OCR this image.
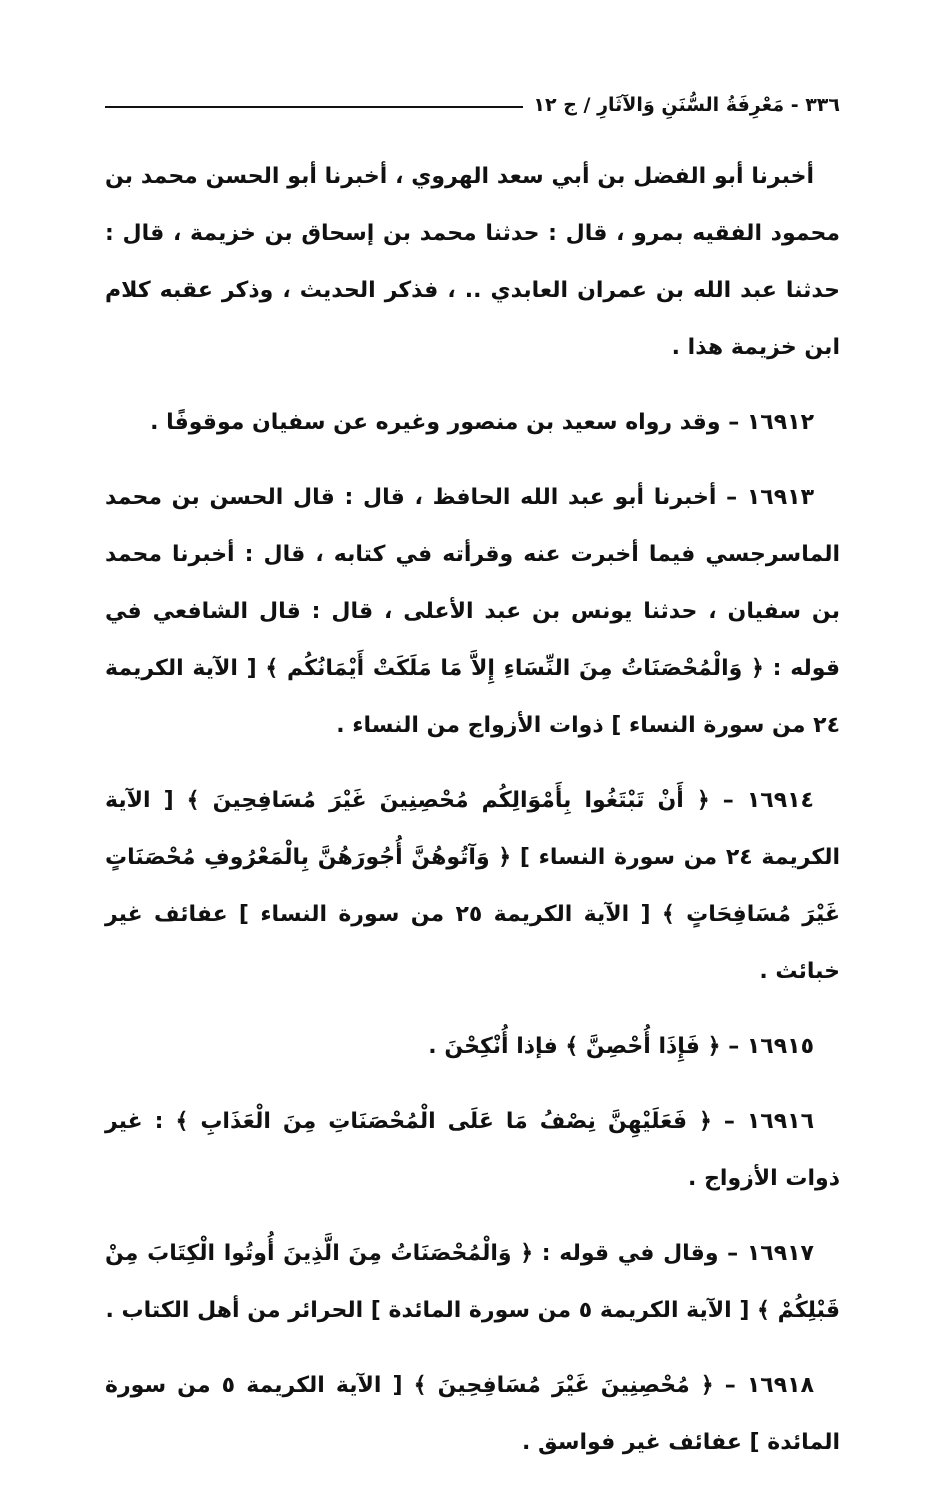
٣٣٦ - مَعْرِفَةُ السُّنَنِ وَالآثَارِ / ج ١٢

أخبرنا أبو الفضل بن أبي سعد الهروي ، أخبرنا أبو الحسن محمد بن محمود الفقيه بمرو ، قال : حدثنا محمد بن إسحاق بن خزيمة ، قال : حدثنا عبد الله بن عمران العابدي .. ، فذكر الحديث ، وذكر عقبه كلام ابن خزيمة هذا .

١٦٩١٢ – وقد رواه سعيد بن منصور وغيره عن سفيان موقوفًا .

١٦٩١٣ – أخبرنا أبو عبد الله الحافظ ، قال : قال الحسن بن محمد الماسرجسي فيما أخبرت عنه وقرأته في كتابه ، قال : أخبرنا محمد بن سفيان ، حدثنا يونس بن عبد الأعلى ، قال : قال الشافعي في قوله : ﴿ وَالْمُحْصَنَاتُ مِنَ النِّسَاءِ إِلاَّ مَا مَلَكَتْ أَيْمَانُكُم ﴾ [ الآية الكريمة ٢٤ من سورة النساء ] ذوات الأزواج من النساء .

١٦٩١٤ – ﴿ أَنْ تَبْتَغُوا بِأَمْوَالِكُم مُحْصِنِينَ غَيْرَ مُسَافِحِينَ ﴾ [ الآية الكريمة ٢٤ من سورة النساء ] ﴿ وَآتُوهُنَّ أُجُورَهُنَّ بِالْمَعْرُوفِ مُحْصَنَاتٍ غَيْرَ مُسَافِحَاتٍ ﴾ [ الآية الكريمة ٢٥ من سورة النساء ] عفائف غير خبائث .

١٦٩١٥ – ﴿ فَإِذَا أُحْصِنَّ ﴾ فإذا أُنْكِحْنَ .

١٦٩١٦ – ﴿ فَعَلَيْهِنَّ نِصْفُ مَا عَلَى الْمُحْصَنَاتِ مِنَ الْعَذَابِ ﴾ : غير ذوات الأزواج .

١٦٩١٧ – وقال في قوله : ﴿ وَالْمُحْصَنَاتُ مِنَ الَّذِينَ أُوتُوا الْكِتَابَ مِنْ قَبْلِكُمْ ﴾ [ الآية الكريمة ٥ من سورة المائدة ] الحرائر من أهل الكتاب .

١٦٩١٨ – ﴿ مُحْصِنِينَ غَيْرَ مُسَافِحِينَ ﴾ [ الآية الكريمة ٥ من سورة المائدة ] عفائف غير فواسق .
